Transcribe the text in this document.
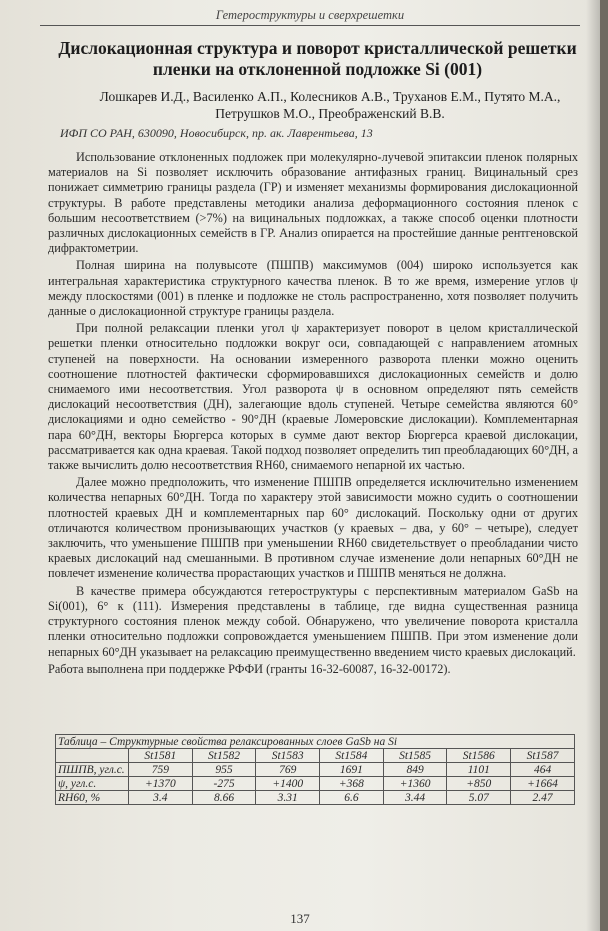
Гетероструктуры и сверхрешетки
Дислокационная структура и поворот кристаллической решетки пленки на отклоненной подложке Si (001)
Лошкарев И.Д., Василенко А.П., Колесников А.В., Труханов Е.М., Путято М.А., Петрушков М.О., Преображенский В.В.
ИФП СО РАН, 630090, Новосибирск, пр. ак. Лаврентьева, 13

Использование отклоненных подложек при молекулярно-лучевой эпитаксии пленок полярных материалов на Si позволяет исключить образование антифазных границ. Вицинальный срез понижает симметрию границы раздела (ГР) и изменяет механизмы формирования дислокационной структуры. В работе представлены методики анализа деформационного состояния пленок с большим несоответствием (>7%) на вицинальных подложках, а также способ оценки плотности различных дислокационных семейств в ГР. Анализ опирается на простейшие данные рентгеновской дифрактометрии.

Полная ширина на полувысоте (ПШПВ) максимумов (004) широко используется как интегральная характеристика структурного качества пленок. В то же время, измерение углов ψ между плоскостями (001) в пленке и подложке не столь распространенно, хотя позволяет получить данные о дислокационной структуре границы раздела.

При полной релаксации пленки угол ψ характеризует поворот в целом кристаллической решетки пленки относительно подложки вокруг оси, совпадающей с направлением атомных ступеней на поверхности. На основании измеренного разворота пленки можно оценить соотношение плотностей фактически сформировавшихся дислокационных семейств и долю снимаемого ими несоответствия. Угол разворота ψ в основном определяют пять семейств дислокаций несоответствия (ДН), залегающие вдоль ступеней. Четыре семейства являются 60° дислокациями и одно семейство - 90°ДН (краевые Ломеровские дислокации). Комплементарная пара 60°ДН, векторы Бюргерса которых в сумме дают вектор Бюргерса краевой дислокации, рассматривается как одна краевая. Такой подход позволяет определить тип преобладающих 60°ДН, а также вычислить долю несоответствия RH60, снимаемого непарной их частью.

Далее можно предположить, что изменение ПШПВ определяется исключительно изменением количества непарных 60°ДН. Тогда по характеру этой зависимости можно судить о соотношении плотностей краевых ДН и комплементарных пар 60° дислокаций. Поскольку одни от других отличаются количеством пронизывающих участков (у краевых – два, у 60° – четыре), следует заключить, что уменьшение ПШПВ при уменьшении RH60 свидетельствует о преобладании чисто краевых дислокаций над смешанными. В противном случае изменение доли непарных 60°ДН не повлечет изменение количества прорастающих участков и ПШПВ меняться не должна.

В качестве примера обсуждаются гетероструктуры с перспективным материалом GaSb на Si(001), 6° к (111). Измерения представлены в таблице, где видна существенная разница структурного состояния пленок между собой. Обнаружено, что увеличение поворота кристалла пленки относительно подложки сопровождается уменьшением ПШПВ. При этом изменение доли непарных 60°ДН указывает на релаксацию преимущественно введением чисто краевых дислокаций.

Работа выполнена при поддержке РФФИ (гранты 16-32-60087, 16-32-00172).

Таблица – Структурные свойства релаксированных слоев GaSb на Si							
	St1581	St1582	St1583	St1584	St1585	St1586	St1587
ПШПВ, угл.с.	759	955	769	1691	849	1101	464
ψ, угл.с.	+1370	-275	+1400	+368	+1360	+850	+1664
RH60, %	3.4	8.66	3.31	6.6	3.44	5.07	2.47
137
